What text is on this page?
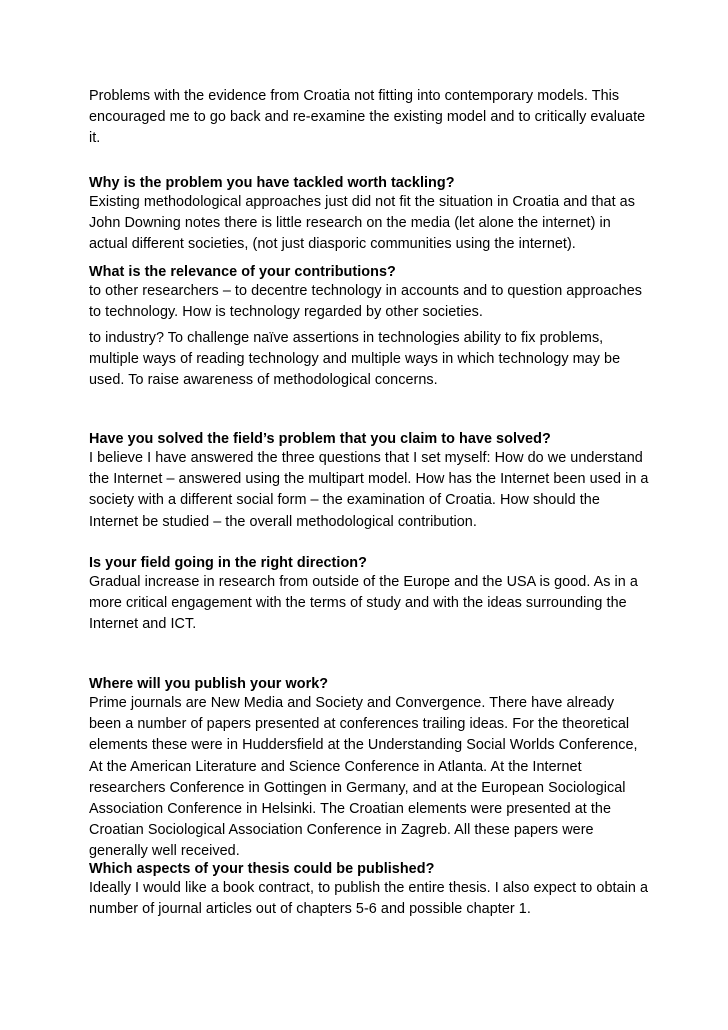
Problems with the evidence from Croatia not fitting into contemporary models. This encouraged me to go back and re-examine the existing model and to critically evaluate it.
Why is the problem you have tackled worth tackling?
Existing methodological approaches just did not fit the situation in Croatia and that as John Downing notes there is little research on the media (let alone the internet) in actual different societies, (not just diasporic communities using the internet).
What is the relevance of your contributions?
to other researchers – to decentre technology in accounts and to question approaches to technology. How is technology regarded by other societies.
to industry? To challenge naïve assertions in technologies ability to fix problems, multiple ways of reading technology and multiple ways in which technology may be used. To raise awareness of methodological concerns.
Have you solved the field’s problem that you claim to have solved?
I believe I have answered the three questions that I set myself: How do we understand the Internet – answered using the multipart model. How has the Internet been used in a society with a different social form – the examination of Croatia. How should the Internet be studied – the overall methodological contribution.
Is your field going in the right direction?
Gradual increase in research from outside of the Europe and the USA is good. As in a more critical engagement with the terms of study and with the ideas surrounding the Internet and ICT.
Where will you publish your work?
Prime journals are New Media and Society and Convergence. There have already been a number of papers presented at conferences trailing ideas. For the theoretical elements these were in Huddersfield at the Understanding Social Worlds Conference, At the American Literature and Science Conference in Atlanta. At the Internet researchers Conference in Gottingen in Germany, and at the European Sociological Association Conference in Helsinki. The Croatian elements were presented at the Croatian Sociological Association Conference in Zagreb. All these papers were generally well received.
Which aspects of your thesis could be published?
Ideally I would like a book contract, to publish the entire thesis. I also expect to obtain a number of journal articles out of chapters 5-6 and possible chapter 1.
